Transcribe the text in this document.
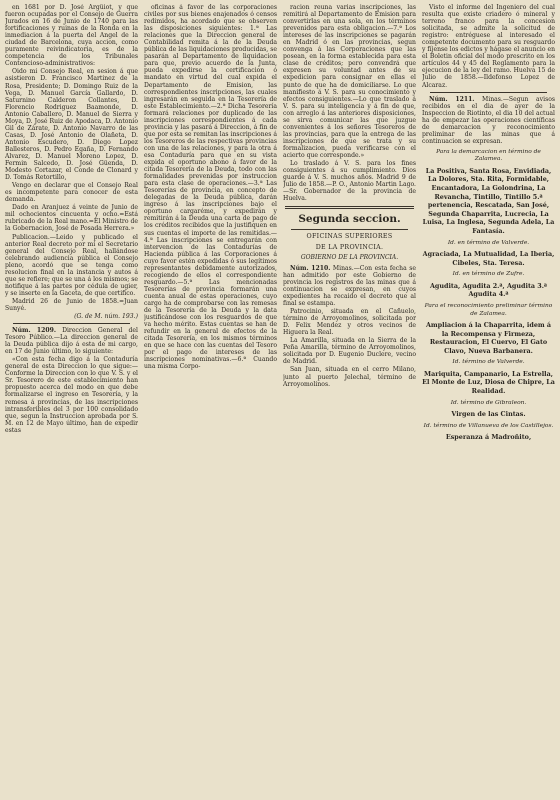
en 1681 por D. José Argüiot, y que fueron ocupadas por el Consejo de Guerra Jurados en 16 de Junio de 1740 para las fortificaciones y ruinas de la Ronda en la inmediacion á la puerta del Angel de la ciudad de Barcelona, cuya accion, como puramente reivindicatoria, es de la competencia de los Tribunales Contencioso-administrativos:

Oido mi Consejo Real, en sesion á que asistieron D. Francisco Martinez de la Rosa, Presidente; D. Domingo Ruiz de la Vega, D. Manuel García Gallardo, D. Saturnino Calderon Collantes, D. Florencio Rodriguez Baamonde, D. Antonio Caballero, D. Manuel de Sierra y Moya, D. José Ruiz de Apodaca, D. Antonio Gil de Zárate, D. Antonio Navarro de las Casas, D. José Antonio de Olañeta, D. Antonio Escudero, D. Diego Lopez Ballesteros, D. Pedro Egaña, D. Fernando Alvarez, D. Manuel Moreno Lopez, D. Fermin Salcedo, D. José Güenda, D. Modesto Cortazar, el Conde de Clonard y D. Tomás Retortillo,

Vengo en declarar que el Consejo Real es incompetente para conocer de esta demanda.

Dado en Aranjuez á veinte de Junio de mil ochocientos cincuenta y ocho.=Está rubricado de la Real mano.=El Ministro de la Gobernacion, José de Posada Herrera.»

Publicacion.—Leido y publicado el anterior Real decreto por mí el Secretario general del Consejo Real, hallándose celebrando audiencia pública el Consejo pleno, acordó que se tenga como resolucion final en la instancia y autos á que se refiere; que se una á los mismos; se notifique á las partes por cédula de ugier, y se inserte en la Gaceta, de que certifico.

Madrid 26 de Junio de 1858.=Juan Sunyé.

(G. de M. núm. 193.)

Núm. 1209. Direccion General del Tesoro Público.—La direccion general de la Deuda pública dijo á esta de mi cargo, en 17 de Junio último, lo siguiente:

«Con esta fecha digo á la Contaduría general de esta Direccion lo que sigue:—Conforme la Direccion con lo que V. S. y el Sr. Tesorero de este establecimiento han propuesto acerca del modo en que debe formalizarse el ingreso en Tesorería, y la remesa á provincias, de las inscripciones intransferibles del 3 por 100 consolidado que, segun la Instruccion aprobada por S. M. en 12 de Mayo último, han de expedir estas

oficinas á favor de las corporaciones civiles por sus bienes enajenados ó censos redimidos, ha acordado que se observen las disposiciones siguientes: 1.ª Las relaciones que la Direccion general de Contabilidad remita á la de la Deuda pública de las liquidaciones producidas, se pasarán al Departamento de liquidacion para que, previo acuerdo de la Junta, pueda expedirse la certificacion ó mandato en virtud del cual expida el Departamento de Emision, las correspondientes inscripciones, las cuales ingresarán en seguida en la Tesorería de este Establecimiento.—2.ª Dicha Tesorería formará relaciones por duplicado de las inscripciones correspondientes á cada provincia y las pasará á Direccion, á fin de que por esta se remitan las inscripciones á los Tesoreros de las respectivas provincias con una de las relaciones, y para la otra á esa Contaduría para que en su vista expida el oportuno abono á favor de la citada Tesorería de la Deuda, todo con las formalidades prevenidas por instruccion para esta clase de operaciones.—3.ª Las Tesorerías de provincia, en concepto de delegadas de la Deuda pública, darán ingreso á las inscripciones bajo el oportuno cargaréme, y expedirán y remitirán á la Deuda una carta de pago de los créditos recibidos que la justifiquen en sus cuentas el importe de las remitidas.—4.ª Las inscripciones se entregarán con intervencion de las Contadurías de Hacienda pública á las Corporaciones á cuyo favor estén expedidas ó sus legítimos representantes debidamente autorizados, recogiendo de ellos el correspondiente resguardo.—5.ª Las mencionadas Tesorerías de provincia formarán una cuenta anual de estas operaciones, cuyo cargo ha de comprobarse con las remesas de la Tesorería de la Deuda y la data justificándose con los resguardos de que va hecho mérito. Estas cuentas se han de refundir en la general de efectos de la citada Tesorería, en los mismos términos en que se hace con las cuentas del Tesoro por el pago de intereses de las inscripciones nominativas.—6.ª Cuando una misma Corpo-

racion reuna varias inscripciones, las remitirá al Departamento de Emision para convertirlas en una sola, en los términos prevenidos para esta obligacion.—7.ª Los intereses de las inscripciones se pagarán en Madrid ó en las provincias, segun convenga á las Corporaciones que las posean, en la forma establecida para esta clase de créditos; pero convendrá que expresen su voluntad antes de su expedicion para consignar en ellas el punto de que ha de domiciliarse. Lo que manifiesto á V. S. para su conocimiento y efectos consiguientes.—Lo que traslado á V. S. para su inteligencia y á fin de que, con arreglo á las anteriores disposiciones, se sirva comunicar las que juzgue convenientes á los señores Tesoreros de las provincias, para que la entrega de las inscripciones de que se trata y su formalizacion, pueda verificarse con el acierto que corresponde.»

Lo traslado á V. S. para los fines consiguientes á su cumplimiento. Dios guarde á V. S. muchos años. Madrid 9 de Julio de 1858.—P. O., Antonio Martin Lago.—Sr. Gobernador de la provincia de Huelva.

Segunda seccion.
OFICINAS SUPERIORES
DE LA PROVINCIA.
GOBIERNO DE LA PROVINCIA.

Núm. 1210. Minas.—Con esta fecha se han admitido por este Gobierno de provincia los registros de las minas que á continuacion se expresan, en cuyos expedientes ha recaido el decreto que al final se estampa.

Patrocinio, situada en el Cañuelo, término de Arroyomolinos, solicitada por D. Felix Mendez y otros vecinos de Higuera la Real.

La Amarilla, situada en la Sierra de la Peña Amarilla, término de Arroyomolinos, solicitada por D. Eugenio Duclere, vecino de Madrid.

San Juan, situada en el cerro Milano, junto al puerto Jelechal, término de Arroyomolinos.

Visto el informe del Ingeniero del cual resulta que existe criadero ó mineral y terreno franco para la concesion solicitada, se admite la solicitud de registro: entréguese al interesado el competente documento para su resguardo y fíjense los edictos y hágase el anuncio en el Boletin oficial del modo prescrito en los artículos 44 y 45 del Reglamento para la ejecucion de la ley del ramo. Huelva 15 de Julio de 1858.—Ildefonso Lopez de Alcaraz.

Núm. 1211. Minas.—Segun avisos recibidos en el dia de ayer de la Inspeccion de Riotinto, el dia 10 del actual ha de empezar las operaciones científicas de demarcacion y reconocimiento preliminar de las minas que á continuacion se expresan.

Para la demarcacion en término de Zalamea.
La Positiva, Santa Rosa, Envidiada, La Dolores, Sta. Rita, Formidable, Encantadora, La Golondrina, La Revancha, Tintillo, Tintillo 5.ª pertenencia, Rescatada, San José, Segunda Chaparrita, Lucrecia, La Luisa, La Inglesa, Segunda Adela, La Fantasía.
Id. en término de Valverde.
Agraciada, La Mutualidad, La Iberia, Cibeles, Sta. Teresa.
Id. en término de Zufre.
Agudita, Agudita 2.ª, Agudita 3.ª Agudita 4.ª
Para el reconocimiento preliminar término de Zalamea.
Ampliacion á la Chaparrita, idem á la Recompensa y Firmeza, Restauracion, El Cuervo, El Gato Clavo, Nueva Barbanera.
Id. término de Valverde.
Mariquita, Campanario, La Estrella, El Monte de Luz, Diosa de Chipre, La Realidad.
Id. término de Gibraleon.
Virgen de las Cintas.
Id. término de Villanueva de los Castillejos.
Esperanza á Madroñito,
